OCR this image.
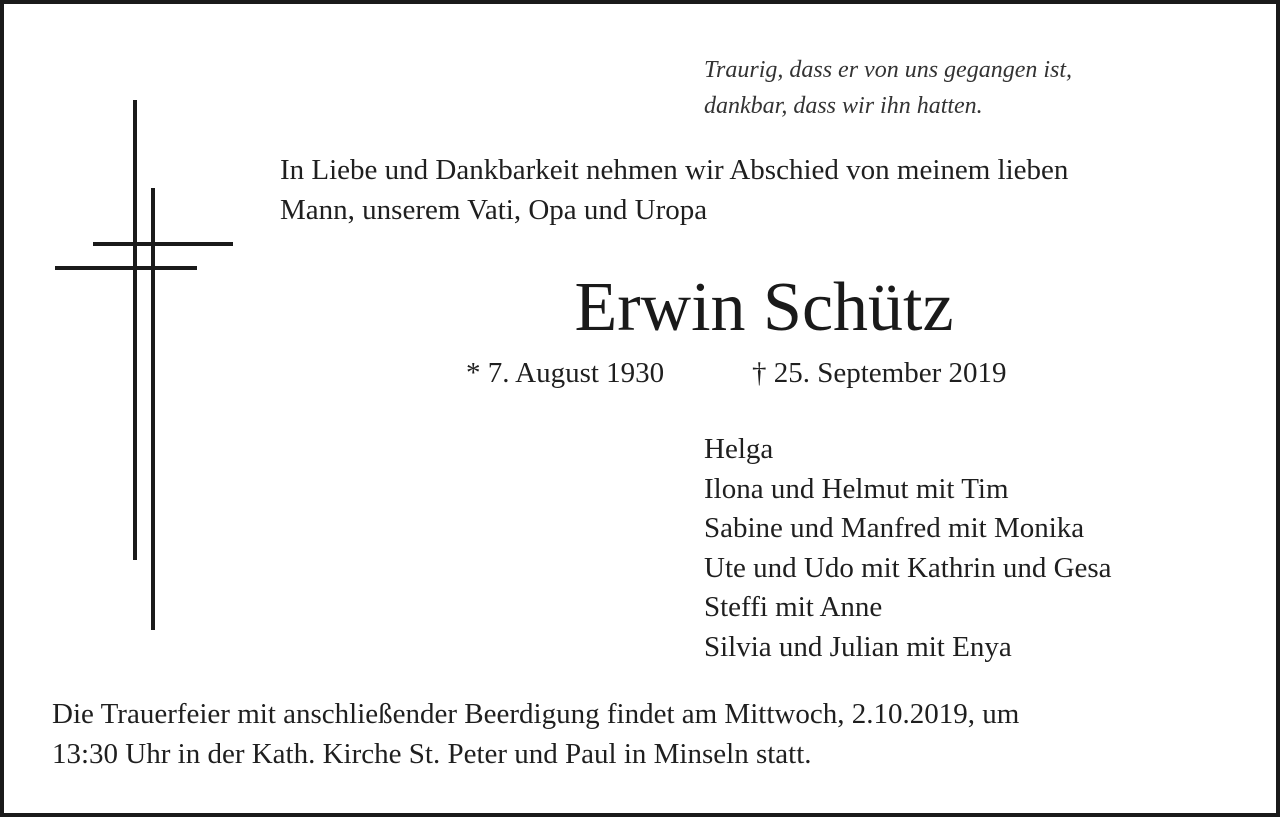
Traurig, dass er von uns gegangen ist,
dankbar, dass wir ihn hatten.
In Liebe und Dankbarkeit nehmen wir Abschied von meinem lieben
Mann, unserem Vati, Opa und Uropa
Erwin Schütz
* 7. August 1930	† 25. September 2019
Helga
Ilona und Helmut mit Tim
Sabine und Manfred mit Monika
Ute und Udo mit Kathrin und Gesa
Steffi mit Anne
Silvia und Julian mit Enya
Die Trauerfeier mit anschließender Beerdigung findet am Mittwoch, 2.10.2019, um
13:30 Uhr in der Kath. Kirche St. Peter und Paul in Minseln statt.
